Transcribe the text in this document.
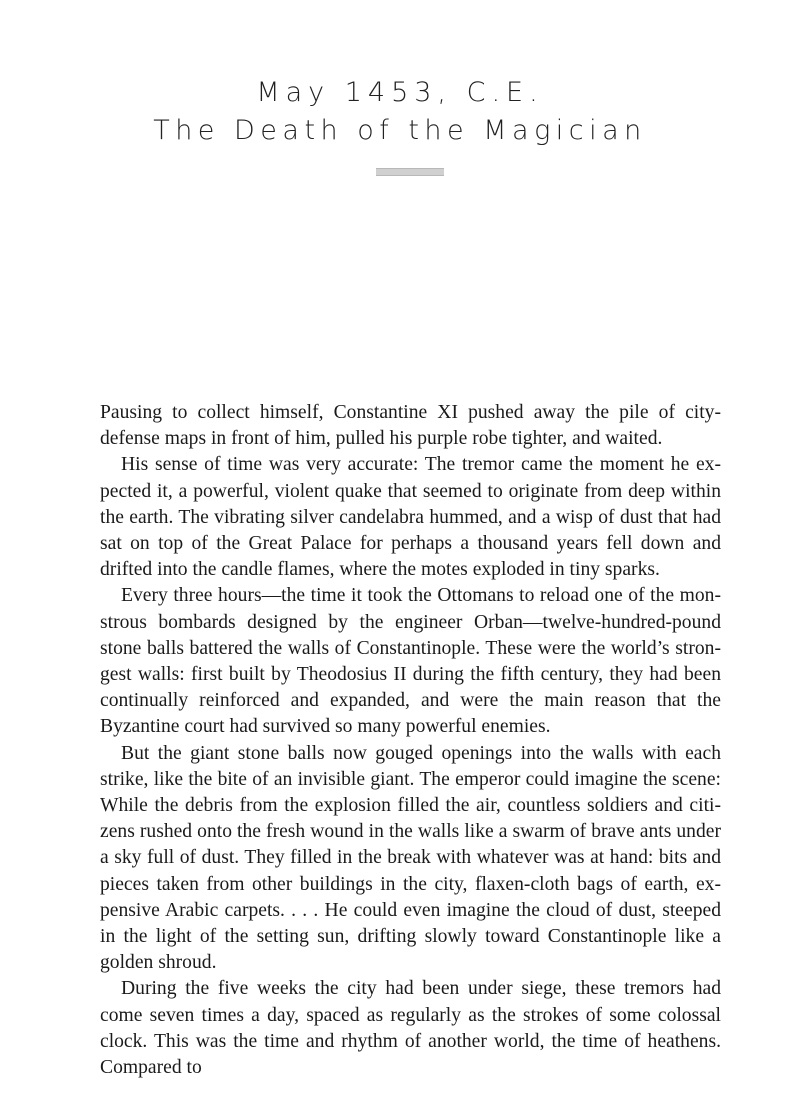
May 1453, C.E.
The Death of the Magician

Pausing to collect himself, Constantine XI pushed away the pile of city-defense maps in front of him, pulled his purple robe tighter, and waited.

His sense of time was very accurate: The tremor came the moment he expected it, a powerful, violent quake that seemed to originate from deep within the earth. The vibrating silver candelabra hummed, and a wisp of dust that had sat on top of the Great Palace for perhaps a thousand years fell down and drifted into the candle flames, where the motes exploded in tiny sparks.

Every three hours—the time it took the Ottomans to reload one of the monstrous bombards designed by the engineer Orban—twelve-hundred-pound stone balls battered the walls of Constantinople. These were the world’s strongest walls: first built by Theodosius II during the fifth century, they had been continually reinforced and expanded, and were the main reason that the Byzantine court had survived so many powerful enemies.

But the giant stone balls now gouged openings into the walls with each strike, like the bite of an invisible giant. The emperor could imagine the scene: While the debris from the explosion filled the air, countless soldiers and citizens rushed onto the fresh wound in the walls like a swarm of brave ants under a sky full of dust. They filled in the break with whatever was at hand: bits and pieces taken from other buildings in the city, flaxen-cloth bags of earth, expensive Arabic carpets. . . . He could even imagine the cloud of dust, steeped in the light of the setting sun, drifting slowly toward Constantinople like a golden shroud.

During the five weeks the city had been under siege, these tremors had come seven times a day, spaced as regularly as the strokes of some colossal clock. This was the time and rhythm of another world, the time of heathens. Compared to
